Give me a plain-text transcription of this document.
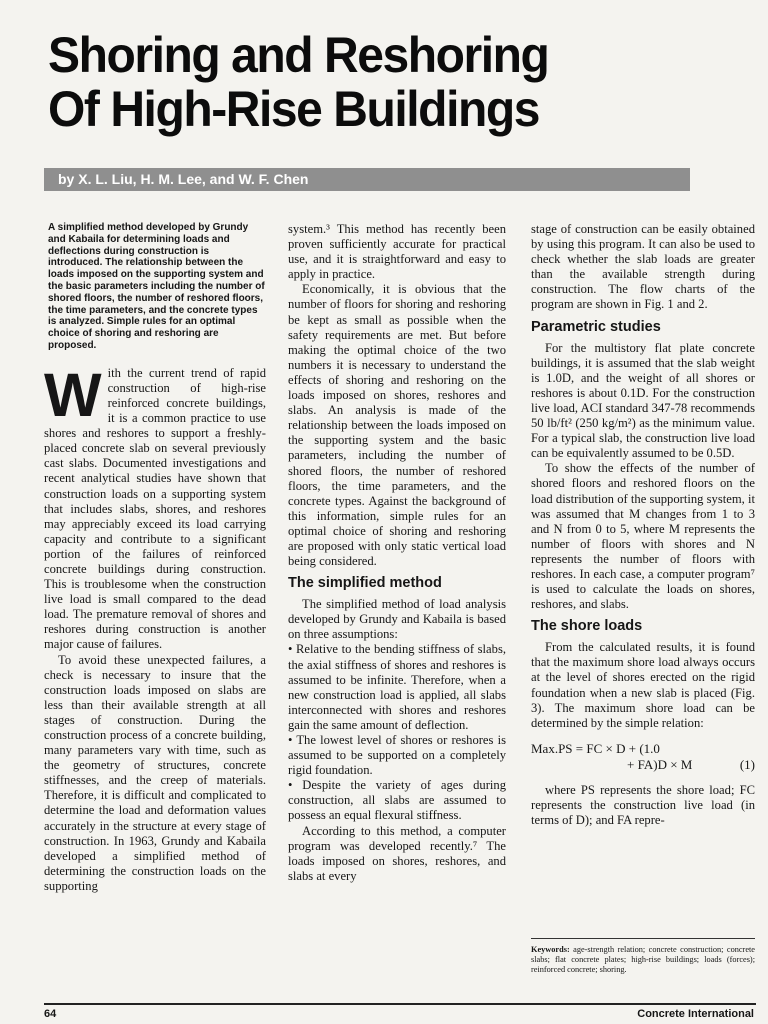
Shoring and Reshoring
Of High-Rise Buildings
by X. L. Liu, H. M. Lee, and W. F. Chen
A simplified method developed by Grundy and Kabaila for determining loads and deflections during construction is introduced. The relationship between the loads imposed on the supporting system and the basic parameters including the number of shored floors, the number of reshored floors, the time parameters, and the concrete types is analyzed. Simple rules for an optimal choice of shoring and reshoring are proposed.

With the current trend of rapid construction of high-rise reinforced concrete buildings, it is a common practice to use shores and reshores to support a freshly-placed concrete slab on several previously cast slabs. Documented investigations and recent analytical studies have shown that construction loads on a supporting system that includes slabs, shores, and reshores may appreciably exceed its load carrying capacity and contribute to a significant portion of the failures of reinforced concrete buildings during construction. This is troublesome when the construction live load is small compared to the dead load. The premature removal of shores and reshores during construction is another major cause of failures.

To avoid these unexpected failures, a check is necessary to insure that the construction loads imposed on slabs are less than their available strength at all stages of construction. During the construction process of a concrete building, many parameters vary with time, such as the geometry of structures, concrete stiffnesses, and the creep of materials. Therefore, it is difficult and complicated to determine the load and deformation values accurately in the structure at every stage of construction. In 1963, Grundy and Kabaila developed a simplified method of determining the construction loads on the supporting

system.³ This method has recently been proven sufficiently accurate for practical use, and it is straightforward and easy to apply in practice.

Economically, it is obvious that the number of floors for shoring and reshoring be kept as small as possible when the safety requirements are met. But before making the optimal choice of the two numbers it is necessary to understand the effects of shoring and reshoring on the loads imposed on shores, reshores and slabs. An analysis is made of the relationship between the loads imposed on the supporting system and the basic parameters, including the number of shored floors, the number of reshored floors, the time parameters, and the concrete types. Against the background of this information, simple rules for an optimal choice of shoring and reshoring are proposed with only static vertical load being considered.

The simplified method

The simplified method of load analysis developed by Grundy and Kabaila is based on three assumptions:

• Relative to the bending stiffness of slabs, the axial stiffness of shores and reshores is assumed to be infinite. Therefore, when a new construction load is applied, all slabs interconnected with shores and reshores gain the same amount of deflection.

• The lowest level of shores or reshores is assumed to be supported on a completely rigid foundation.

• Despite the variety of ages during construction, all slabs are assumed to possess an equal flexural stiffness.

According to this method, a computer program was developed recently.⁷ The loads imposed on shores, reshores, and slabs at every

stage of construction can be easily obtained by using this program. It can also be used to check whether the slab loads are greater than the available strength during construction. The flow charts of the program are shown in Fig. 1 and 2.

Parametric studies

For the multistory flat plate concrete buildings, it is assumed that the slab weight is 1.0D, and the weight of all shores or reshores is about 0.1D. For the construction live load, ACI standard 347-78 recommends 50 lb/ft² (250 kg/m²) as the minimum value. For a typical slab, the construction live load can be equivalently assumed to be 0.5D.

To show the effects of the number of shored floors and reshored floors on the load distribution of the supporting system, it was assumed that M changes from 1 to 3 and N from 0 to 5, where M represents the number of floors with shores and N represents the number of floors with reshores. In each case, a computer program⁷ is used to calculate the loads on shores, reshores, and slabs.

The shore loads

From the calculated results, it is found that the maximum shore load always occurs at the level of shores erected on the rigid foundation when a new slab is placed (Fig. 3). The maximum shore load can be determined by the simple relation:

Max.PS = FC × D + (1.0
+ FA)D × M	(1)

where PS represents the shore load; FC represents the construction live load (in terms of D); and FA repre-

Keywords: age-strength relation; concrete construction; concrete slabs; flat concrete plates; high-rise buildings; loads (forces); reinforced concrete; shoring.
64	Concrete International
